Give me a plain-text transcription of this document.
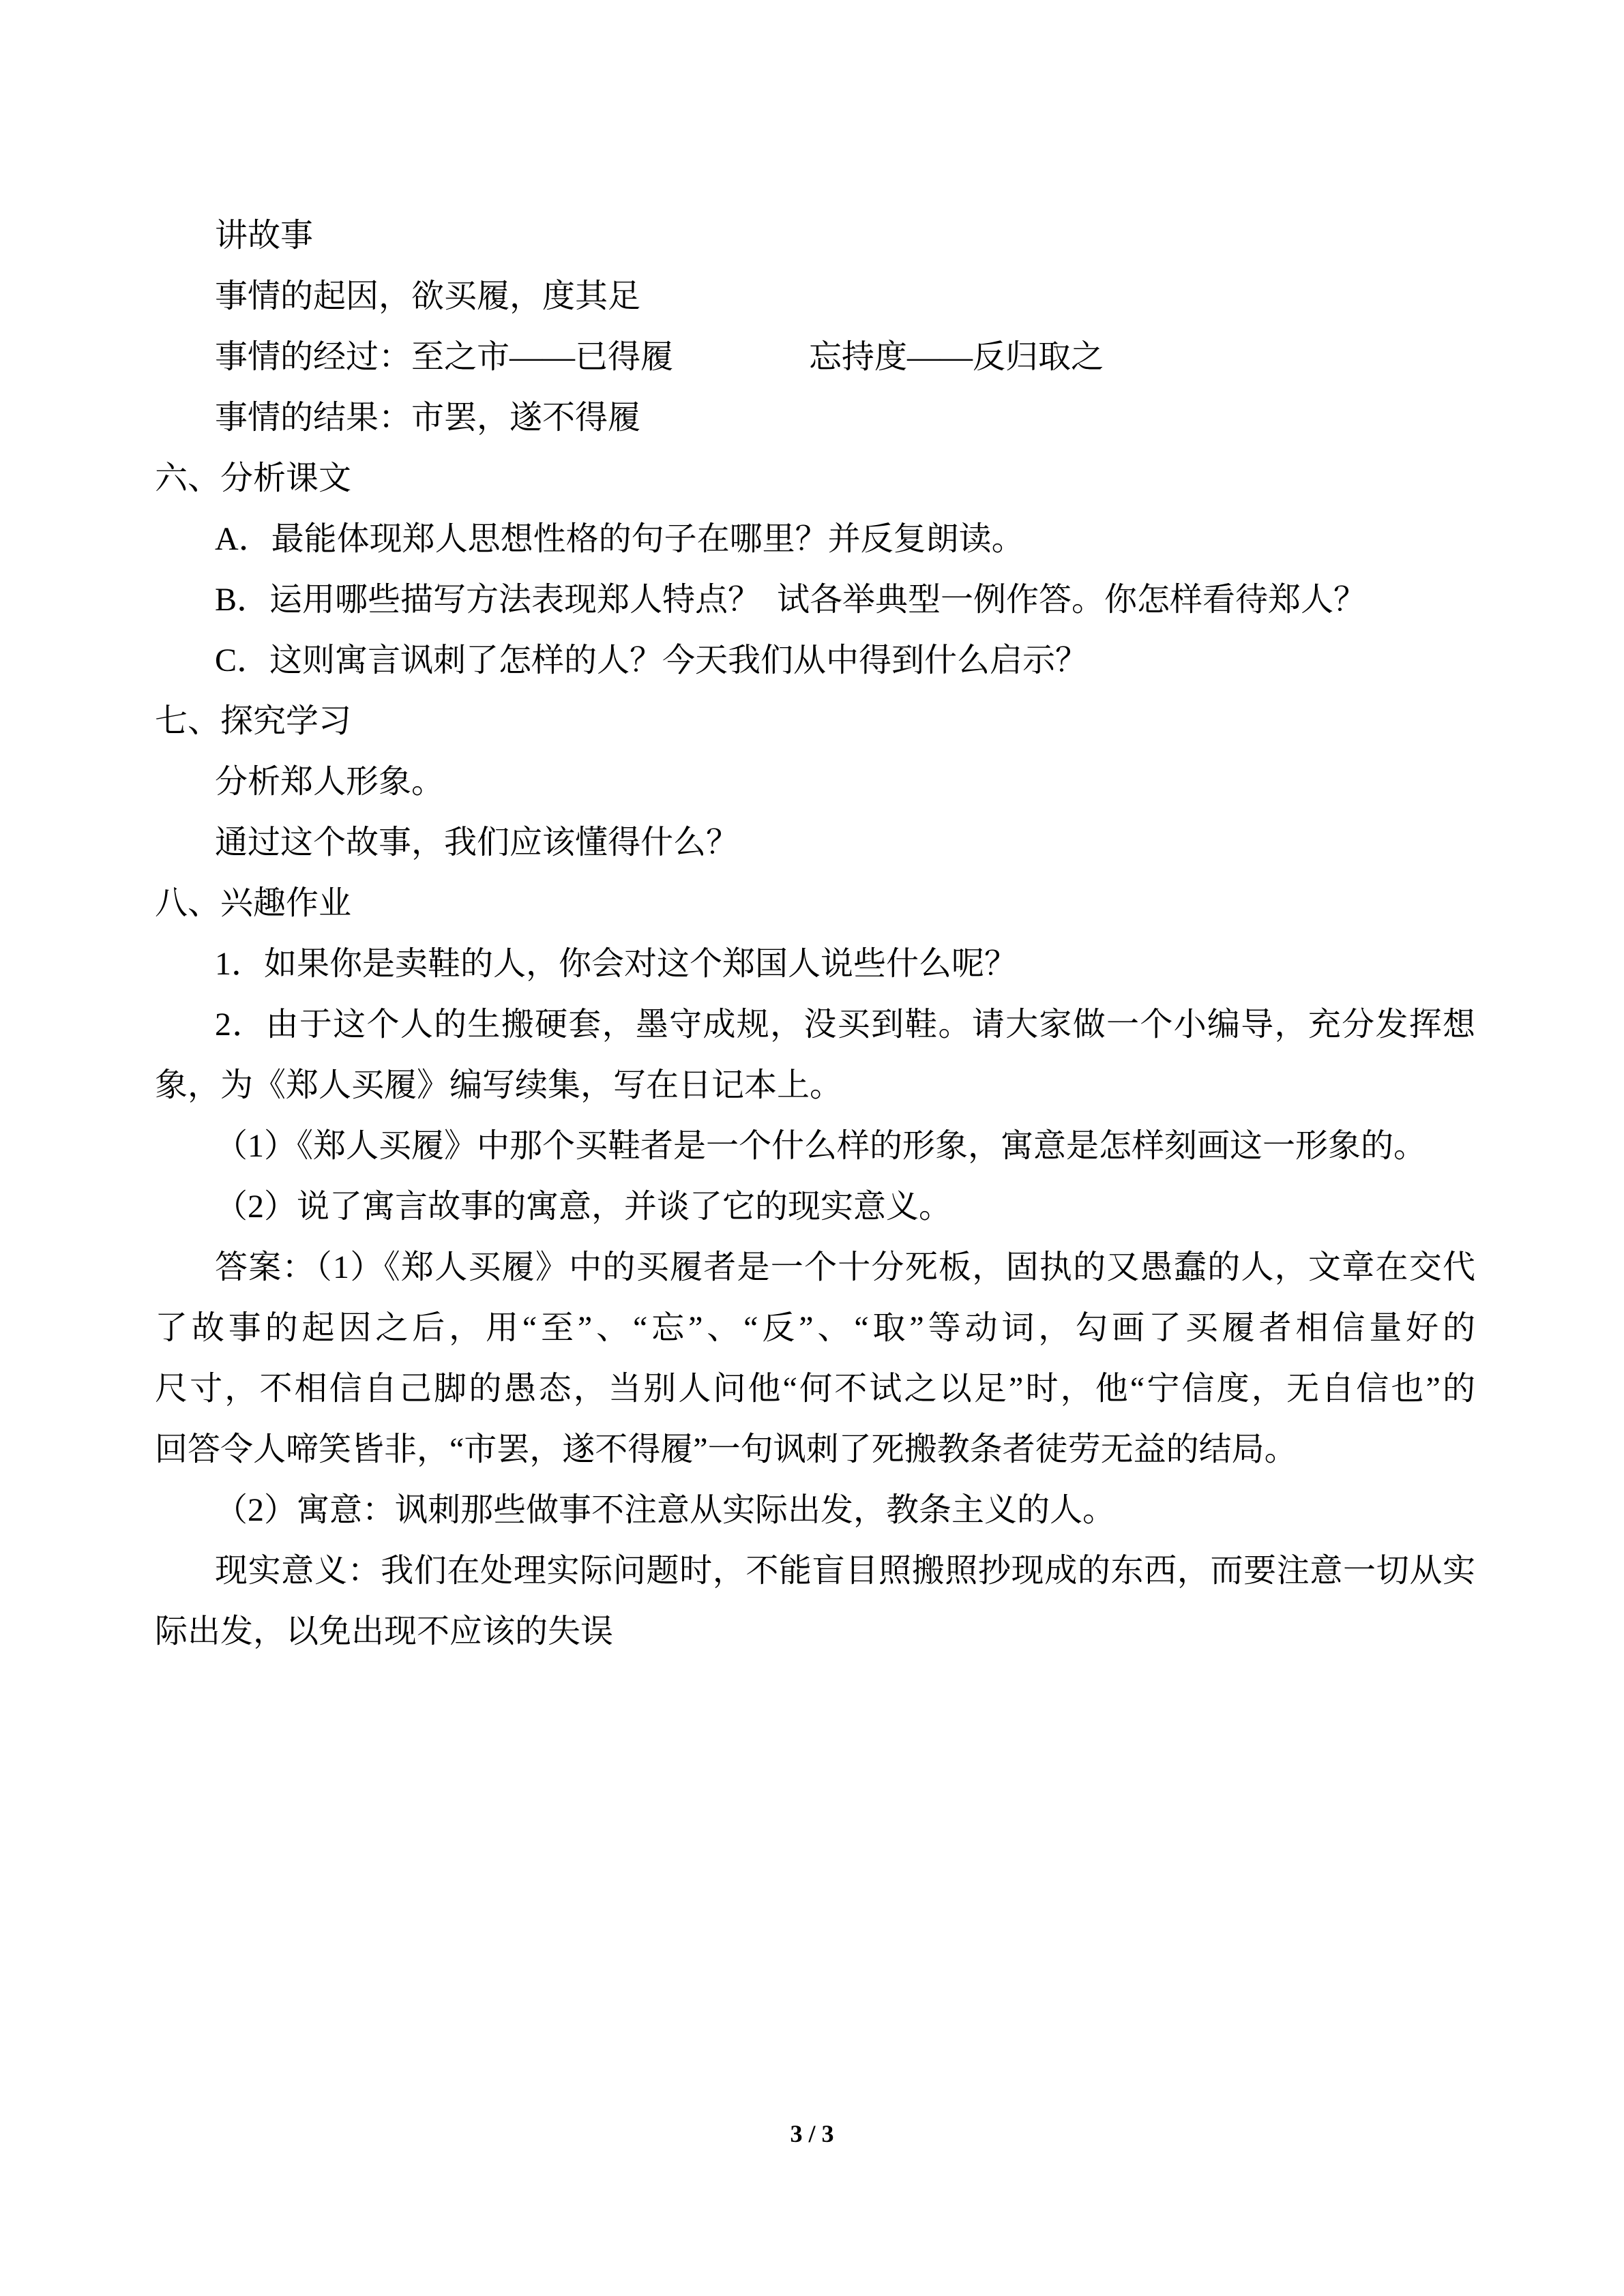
讲故事
事情的起因，欲买履，度其足
事情的经过：至之市——已得履	忘持度——反归取之
事情的结果：市罢，遂不得履
六、分析课文
A．最能体现郑人思想性格的句子在哪里？并反复朗读。
B．运用哪些描写方法表现郑人特点？  试各举典型一例作答。你怎样看待郑人？
C．这则寓言讽刺了怎样的人？今天我们从中得到什么启示？
七、探究学习
分析郑人形象。
通过这个故事，我们应该懂得什么？
八、兴趣作业
1．如果你是卖鞋的人，你会对这个郑国人说些什么呢？
2．由于这个人的生搬硬套，墨守成规，没买到鞋。请大家做一个小编导，充分发挥想
象，为《郑人买履》编写续集，写在日记本上。
（1）《郑人买履》中那个买鞋者是一个什么样的形象，寓意是怎样刻画这一形象的。
（2）说了寓言故事的寓意，并谈了它的现实意义。
答案：（1）《郑人买履》中的买履者是一个十分死板，固执的又愚蠢的人，文章在交代
了故事的起因之后，用“至”、“忘”、“反”、“取”等动词，勾画了买履者相信量好的
尺寸，不相信自己脚的愚态，当别人问他“何不试之以足”时，他“宁信度，无自信也”的
回答令人啼笑皆非，“市罢，遂不得履”一句讽刺了死搬教条者徒劳无益的结局。
（2）寓意：讽刺那些做事不注意从实际出发，教条主义的人。
现实意义：我们在处理实际问题时，不能盲目照搬照抄现成的东西，而要注意一切从实
际出发，以免出现不应该的失误
3 / 3
